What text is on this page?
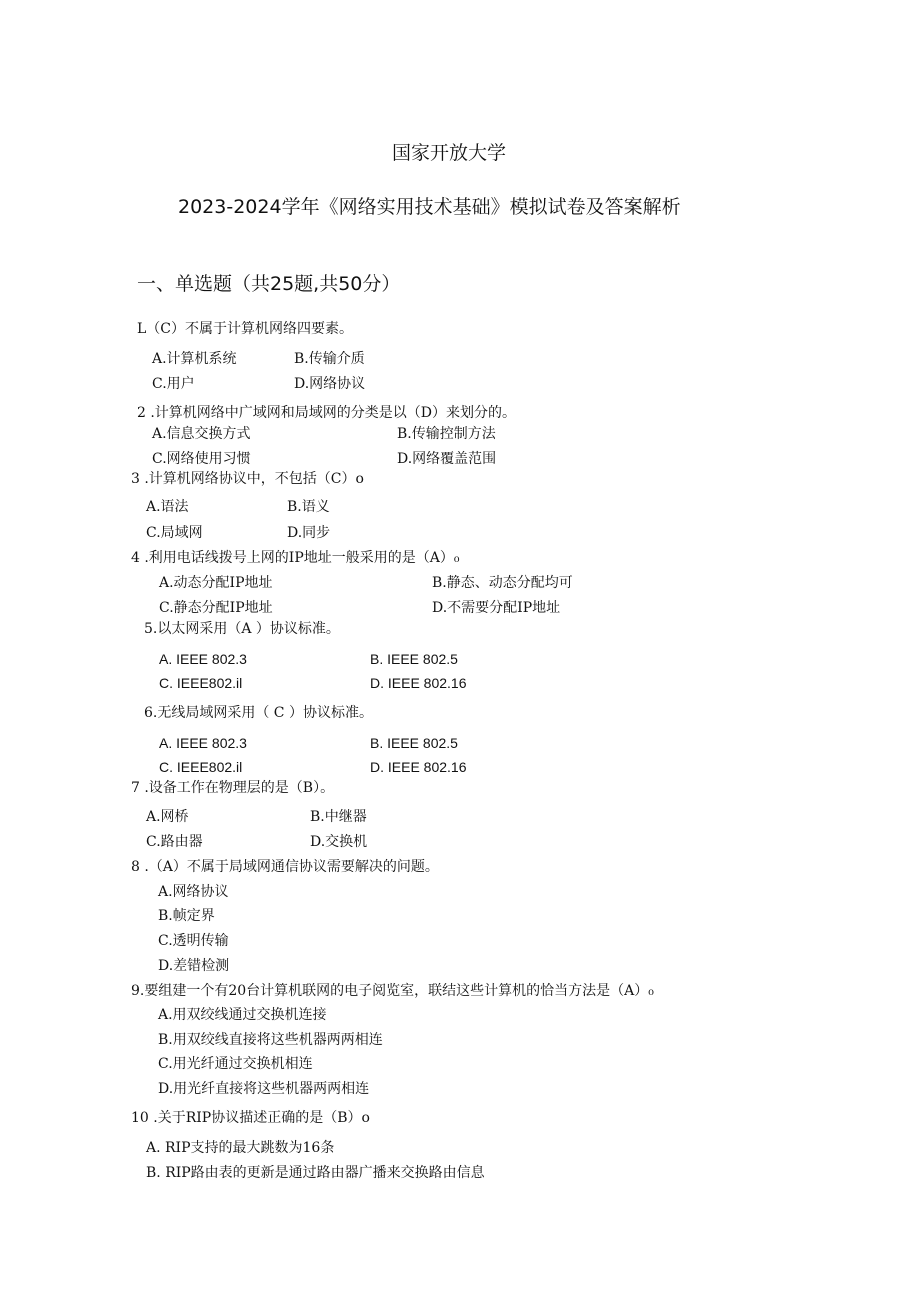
国家开放大学
2023-2024学年《网络实用技术基础》模拟试卷及答案解析
一、单选题（共25题,共50分）
L（C）不属于计算机网络四要素。
A.计算机系统	B.传输介质
C.用户	D.网络协议
2 .计算机网络中广域网和局域网的分类是以（D）来划分的。
A.信息交换方式	B.传输控制方法
C.网络使用习惯	D.网络覆盖范围
3 .计算机网络协议中，不包括（C）o
A.语法	B.语义
C.局域网	D.同步
4 .利用电话线拨号上网的IP地址一般采用的是（A）₀
A.动态分配IP地址	B.静态、动态分配均可
C.静态分配IP地址	D.不需要分配IP地址
5.以太网采用（A ）协议标准。
A. IEEE 802.3	B. IEEE 802.5
C. IEEE802.il	D. IEEE 802.16
6.无线局域网采用（ C ）协议标准。
A. IEEE 802.3	B. IEEE 802.5
C. IEEE802.il	D. IEEE 802.16
7 .设备工作在物理层的是（B）。
A.网桥	B.中继器
C.路由器	D.交换机
8 .（A）不属于局域网通信协议需要解决的问题。
A.网络协议
B.帧定界
C.透明传输
D.差错检测
9.要组建一个有20台计算机联网的电子阅览室，联结这些计算机的恰当方法是（A）₀
A.用双绞线通过交换机连接
B.用双绞线直接将这些机器两两相连
C.用光纤通过交换机相连
D.用光纤直接将这些机器两两相连
10 .关于RIP协议描述正确的是（B）o
A. RIP支持的最大跳数为16条
B. RIP路由表的更新是通过路由器广播来交换路由信息
